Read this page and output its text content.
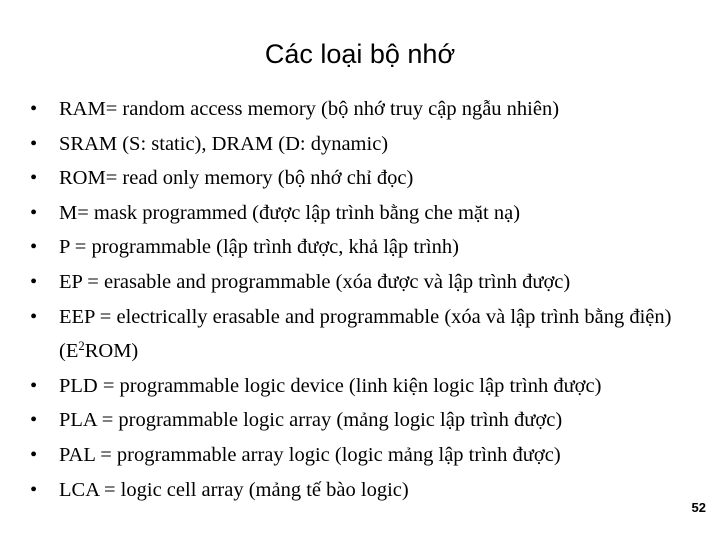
Các loại bộ nhớ
•	RAM= random access memory (bộ nhớ truy cập ngẫu nhiên)
•	SRAM (S: static), DRAM (D: dynamic)
•	ROM= read only memory (bộ nhớ chỉ đọc)
•	M= mask programmed (được lập trình bằng che mặt nạ)
•	P = programmable (lập trình được, khả lập trình)
•	EP = erasable and programmable (xóa được và lập trình được)
•	EEP = electrically erasable and programmable (xóa và lập trình bằng điện) $(E^2ROM)$
•	PLD = programmable logic device (linh kiện logic lập trình được)
•	PLA = programmable logic array (mảng logic lập trình được)
•	PAL = programmable array logic (logic mảng lập trình được)
•	LCA = logic cell array (mảng tế bào logic)
52
